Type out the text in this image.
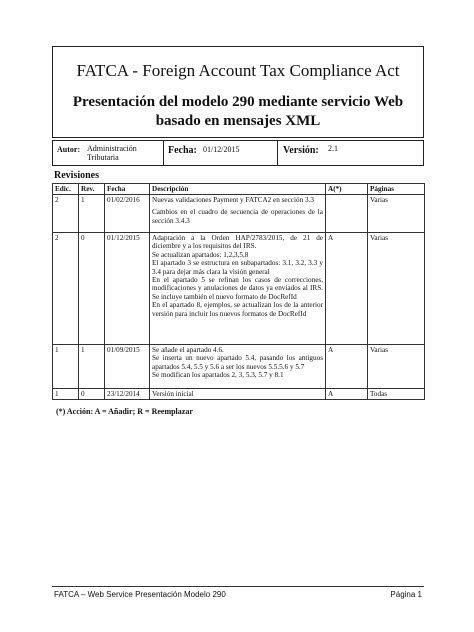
FATCA - Foreign Account Tax Compliance Act
Presentación del modelo 290 mediante servicio Web basado en mensajes XML
Autor: Administración
Tributaria
Fecha: 01/12/2015	Versión: 2.1
Revisiones
Edic.	Rev.	Fecha	Descripción	A(*)	Páginas
2	1	01/02/2016	Nuevas validaciones Payment y FATCA2 en sección 3.3
Cambios en el cuadro de secuencia de operaciones de la sección 3.4.3		Varias
2	0	01/12/2015	Adaptación a la Orden HAP/2783/2015, de 21 de diciembre y a los requisitos del IRS.
Se actualizan apartados: 1,2,3,5,8
El apartado 3 se estructura en subapartados: 3.1, 3.2, 3.3 y 3.4 para dejar más clara la visión general
En el apartado 5 se refinan los casos de correcciones, modificaciones y anulaciones de datos ya enviados al IRS. Se incluye también el nuevo formato de DocRefId
En el apartado 8, ejemplos, se actualizan los de la anterior versión para incluir los nuevos formatos de DocRefId	A	Varias
1	1	01/09/2015	Se añade el apartado 4.6.
Se inserta un nuevo apartado 5.4, pasando los antiguos apartados 5.4, 5.5 y 5.6 a ser los nuevos 5.5.5.6 y 5.7
Se modifican los apartados 2, 3, 5.3, 5.7 y 8.1	A	Varias
1	0	23/12/2014	Versión inicial	A	Todas
(*) Acción: A = Añadir; R = Reemplazar
FATCA – Web Service Presentación Modelo 290	Página 1
